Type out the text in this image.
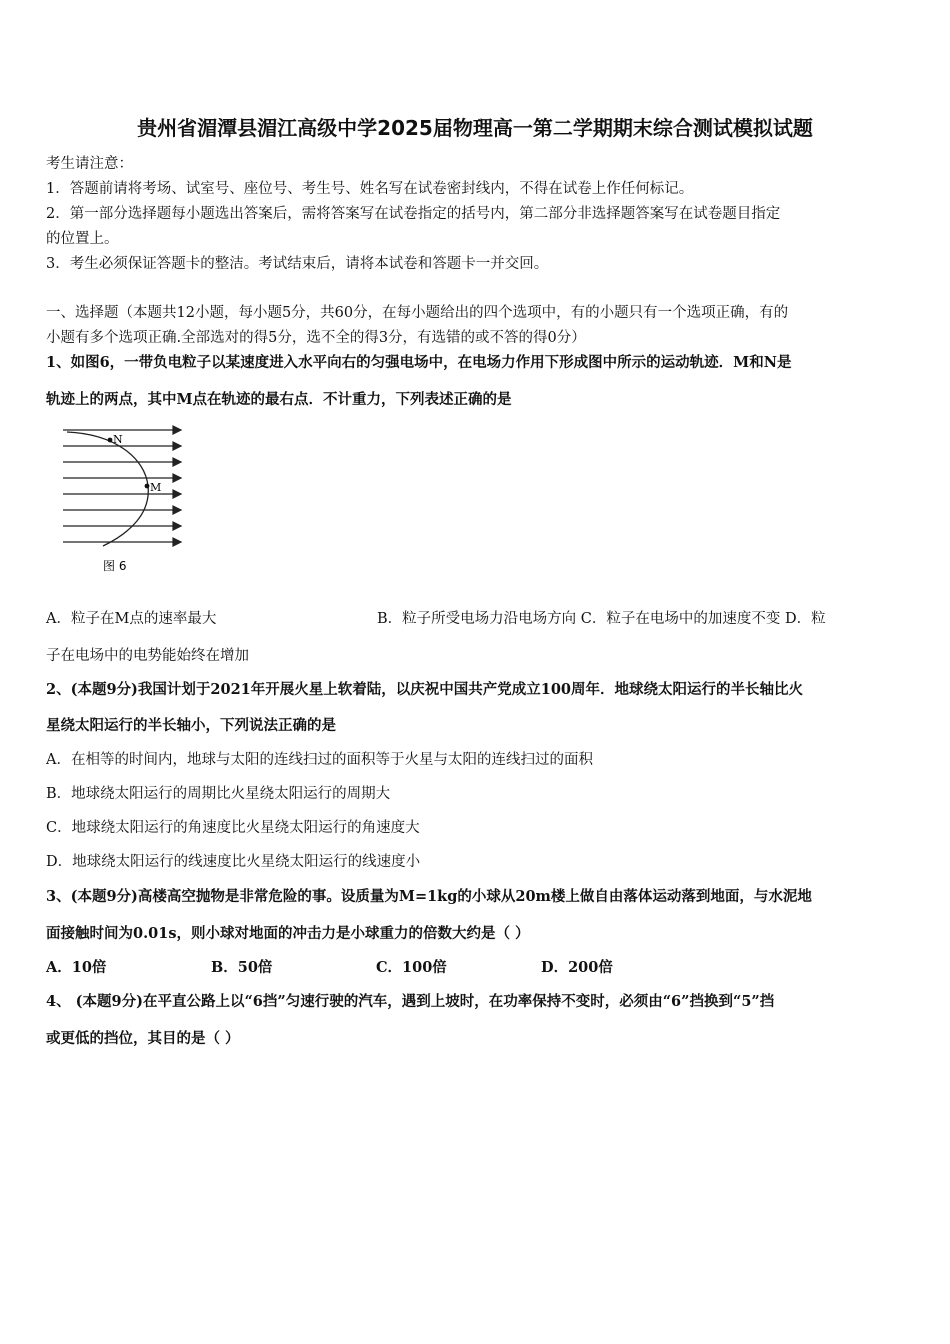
贵州省湄潭县湄江高级中学2025届物理高一第二学期期末综合测试模拟试题
考生请注意：
1．答题前请将考场、试室号、座位号、考生号、姓名写在试卷密封线内，不得在试卷上作任何标记。
2．第一部分选择题每小题选出答案后，需将答案写在试卷指定的括号内，第二部分非选择题答案写在试卷题目指定
的位置上。
3．考生必须保证答题卡的整洁。考试结束后，请将本试卷和答题卡一并交回。
一、选择题（本题共12小题，每小题5分，共60分，在每小题给出的四个选项中，有的小题只有一个选项正确，有的
小题有多个选项正确.全部选对的得5分，选不全的得3分，有选错的或不答的得0分）
1、如图6，一带负电粒子以某速度进入水平向右的匀强电场中，在电场力作用下形成图中所示的运动轨迹．M和N是
轨迹上的两点，其中M点在轨迹的最右点．不计重力，下列表述正确的是
N
M
图 6
A．粒子在M点的速率最大	B．粒子所受电场力沿电场方向 C．粒子在电场中的加速度不变 D．粒
子在电场中的电势能始终在增加
2、(本题9分)我国计划于2021年开展火星上软着陆，以庆祝中国共产党成立100周年．地球绕太阳运行的半长轴比火
星绕太阳运行的半长轴小，下列说法正确的是
A．在相等的时间内，地球与太阳的连线扫过的面积等于火星与太阳的连线扫过的面积
B．地球绕太阳运行的周期比火星绕太阳运行的周期大
C．地球绕太阳运行的角速度比火星绕太阳运行的角速度大
D．地球绕太阳运行的线速度比火星绕太阳运行的线速度小
3、(本题9分)高楼高空抛物是非常危险的事。设质量为M=1kg的小球从20m楼上做自由落体运动落到地面，与水泥地
面接触时间为0.01s，则小球对地面的冲击力是小球重力的倍数大约是（ ）
A．10倍	B．50倍	C．100倍	D．200倍
4、 (本题9分)在平直公路上以“6挡”匀速行驶的汽车，遇到上坡时，在功率保持不变时，必须由“6”挡换到“5”挡
或更低的挡位，其目的是（ ）
